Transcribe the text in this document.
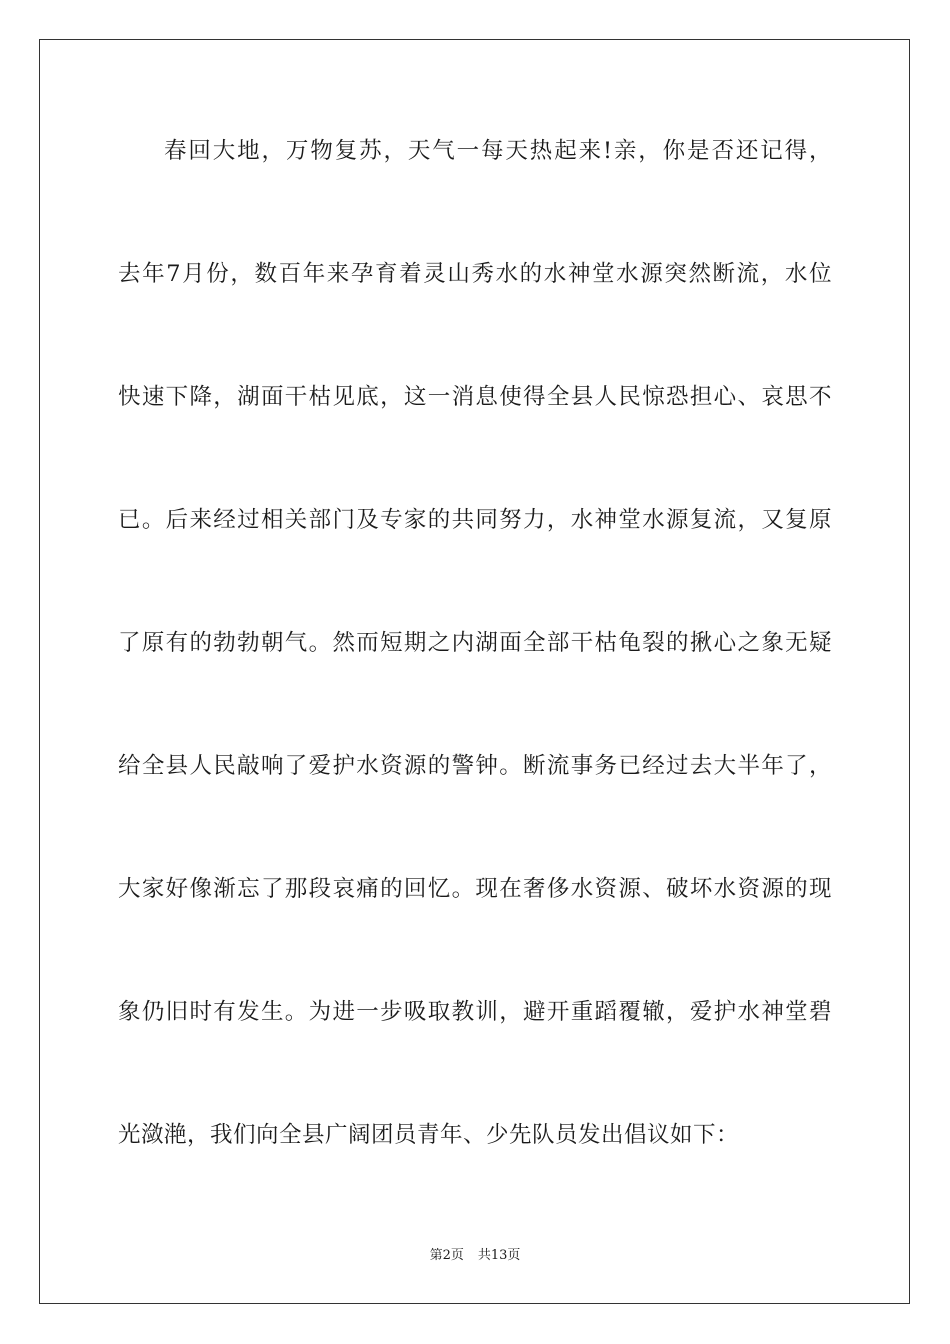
春回大地，万物复苏，天气一每天热起来!亲，你是否还记得，
去年7月份，数百年来孕育着灵山秀水的水神堂水源突然断流，水位
快速下降，湖面干枯见底，这一消息使得全县人民惊恐担心、哀思不
已。后来经过相关部门及专家的共同努力，水神堂水源复流，又复原
了原有的勃勃朝气。然而短期之内湖面全部干枯龟裂的揪心之象无疑
给全县人民敲响了爱护水资源的警钟。断流事务已经过去大半年了，
大家好像渐忘了那段哀痛的回忆。现在奢侈水资源、破坏水资源的现
象仍旧时有发生。为进一步吸取教训，避开重蹈覆辙，爱护水神堂碧
光潋滟，我们向全县广阔团员青年、少先队员发出倡议如下：
第2页 共13页
